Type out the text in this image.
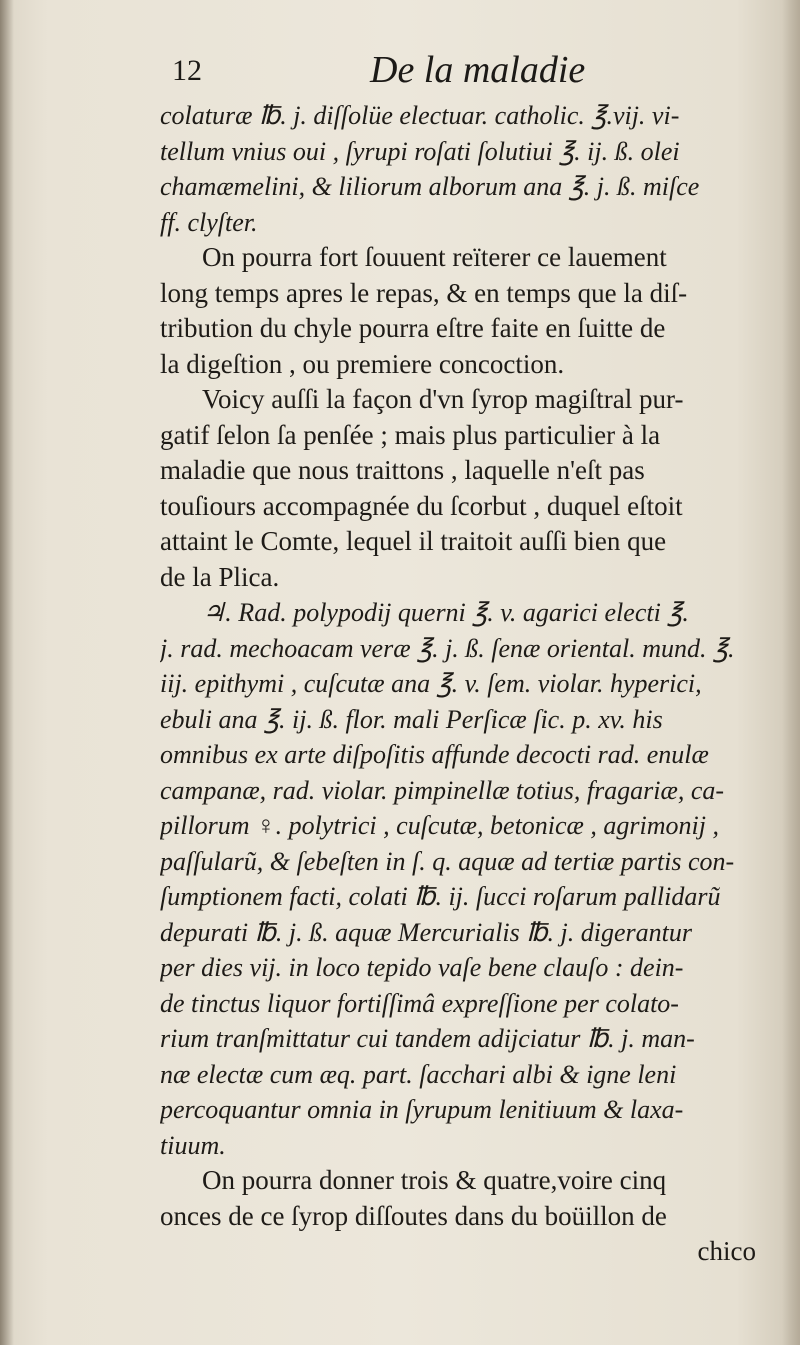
12	De la maladie
colaturæ ℔. j. diſſolüe electuar. catholic. ℥.vij. vi-
tellum vnius oui , ſyrupi roſati ſolutiui ℥. ij. ß. olei
chamæmelini, & liliorum alborum ana ℥. j. ß. miſce
ff. clyſter.
On pourra fort ſouuent reïterer ce lauement
long temps apres le repas, & en temps que la diſ-
tribution du chyle pourra eſtre faite en ſuitte de
la digeſtion , ou premiere concoction.
Voicy auſſi la façon d'vn ſyrop magiſtral pur-
gatif ſelon ſa penſée ; mais plus particulier à la
maladie que nous traittons , laquelle n'eſt pas
touſiours accompagnée du ſcorbut , duquel eſtoit
attaint le Comte, lequel il traitoit auſſi bien que
de la Plica.
♃. Rad. polypodij querni ℥. v. agarici electi ℥.
j. rad. mechoacam veræ ℥. j. ß. ſenæ oriental. mund. ℥.
iij. epithymi , cuſcutæ ana ℥. v. ſem. violar. hyperici,
ebuli ana ℥. ij. ß. flor. mali Perſicæ ſic. p. xv. his
omnibus ex arte diſpoſitis affunde decocti rad. enulæ
campanæ, rad. violar. pimpinellæ totius, fragariæ, ca-
pillorum ♀. polytrici , cuſcutæ, betonicæ , agrimonij ,
paſſularũ, & ſebeſten in ſ. q. aquæ ad tertiæ partis con-
ſumptionem facti, colati ℔. ij. ſucci roſarum pallidarũ
depurati ℔. j. ß. aquæ Mercurialis ℔. j. digerantur
per dies vij. in loco tepido vaſe bene clauſo : dein-
de tinctus liquor fortiſſimâ expreſſione per colato-
rium tranſmittatur cui tandem adijciatur ℔. j. man-
næ electæ cum æq. part. ſacchari albi & igne leni
percoquantur omnia in ſyrupum lenitiuum & laxa-
tiuum.
On pourra donner trois & quatre,voire cinq
onces de ce ſyrop diſſoutes dans du boüillon de
chico
